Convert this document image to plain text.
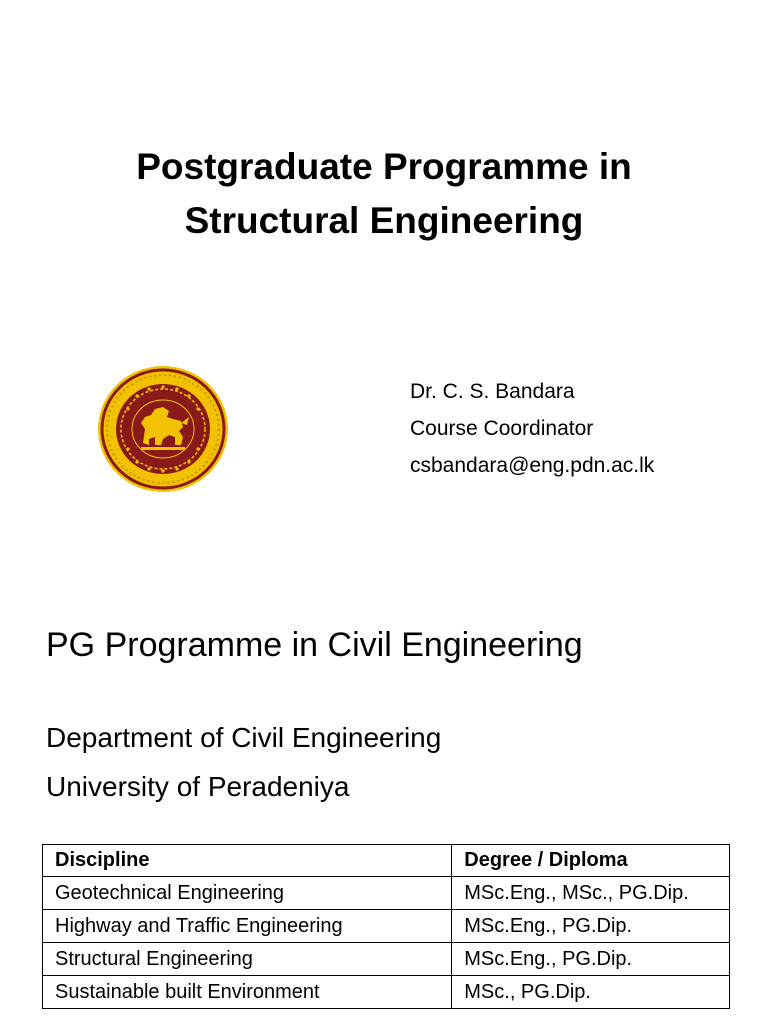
Postgraduate Programme in
Structural Engineering
Dr. C. S. Bandara
Course Coordinator
csbandara@eng.pdn.ac.lk
PG Programme in Civil Engineering
Department of Civil Engineering
University of Peradeniya
Discipline	Degree / Diploma
Geotechnical Engineering	MSc.Eng., MSc., PG.Dip.
Highway and Traffic Engineering	MSc.Eng., PG.Dip.
Structural Engineering	MSc.Eng., PG.Dip.
Sustainable built Environment	MSc., PG.Dip.
